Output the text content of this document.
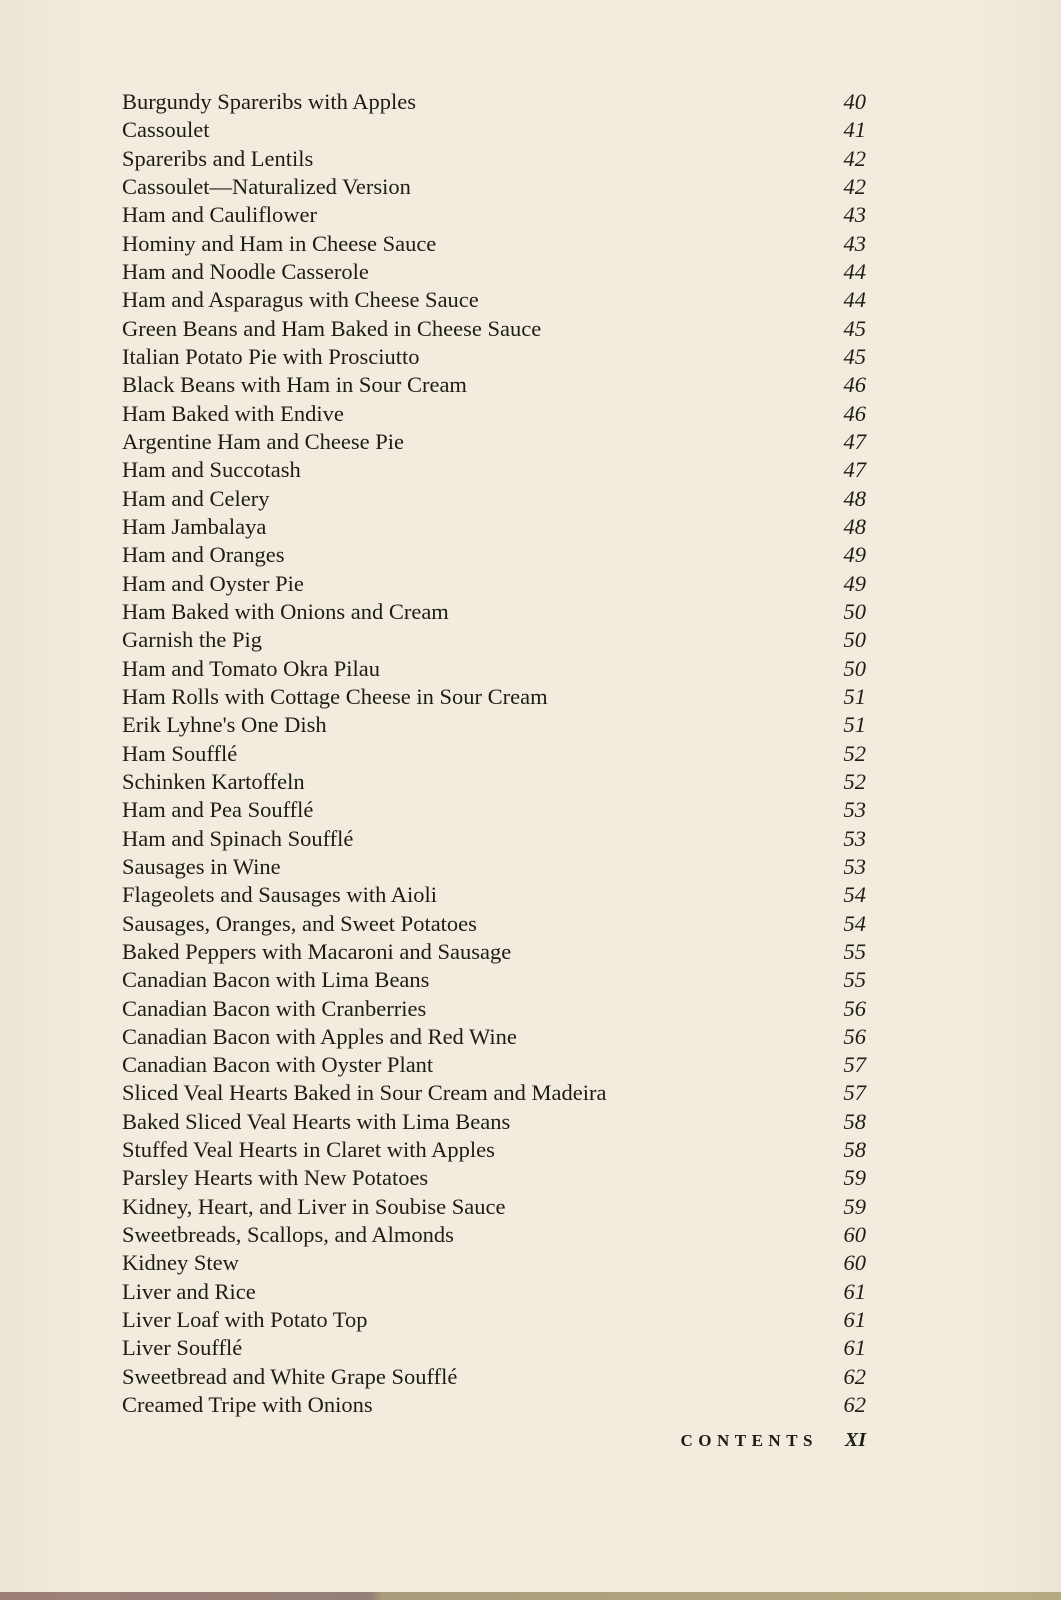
Burgundy Spareribs with Apples	40
Cassoulet	41
Spareribs and Lentils	42
Cassoulet—Naturalized Version	42
Ham and Cauliflower	43
Hominy and Ham in Cheese Sauce	43
Ham and Noodle Casserole	44
Ham and Asparagus with Cheese Sauce	44
Green Beans and Ham Baked in Cheese Sauce	45
Italian Potato Pie with Prosciutto	45
Black Beans with Ham in Sour Cream	46
Ham Baked with Endive	46
Argentine Ham and Cheese Pie	47
Ham and Succotash	47
Ham and Celery	48
Ham Jambalaya	48
Ham and Oranges	49
Ham and Oyster Pie	49
Ham Baked with Onions and Cream	50
Garnish the Pig	50
Ham and Tomato Okra Pilau	50
Ham Rolls with Cottage Cheese in Sour Cream	51
Erik Lyhne's One Dish	51
Ham Soufflé	52
Schinken Kartoffeln	52
Ham and Pea Soufflé	53
Ham and Spinach Soufflé	53
Sausages in Wine	53
Flageolets and Sausages with Aioli	54
Sausages, Oranges, and Sweet Potatoes	54
Baked Peppers with Macaroni and Sausage	55
Canadian Bacon with Lima Beans	55
Canadian Bacon with Cranberries	56
Canadian Bacon with Apples and Red Wine	56
Canadian Bacon with Oyster Plant	57
Sliced Veal Hearts Baked in Sour Cream and Madeira	57
Baked Sliced Veal Hearts with Lima Beans	58
Stuffed Veal Hearts in Claret with Apples	58
Parsley Hearts with New Potatoes	59
Kidney, Heart, and Liver in Soubise Sauce	59
Sweetbreads, Scallops, and Almonds	60
Kidney Stew	60
Liver and Rice	61
Liver Loaf with Potato Top	61
Liver Soufflé	61
Sweetbread and White Grape Soufflé	62
Creamed Tripe with Onions	62
CONTENTS XI
